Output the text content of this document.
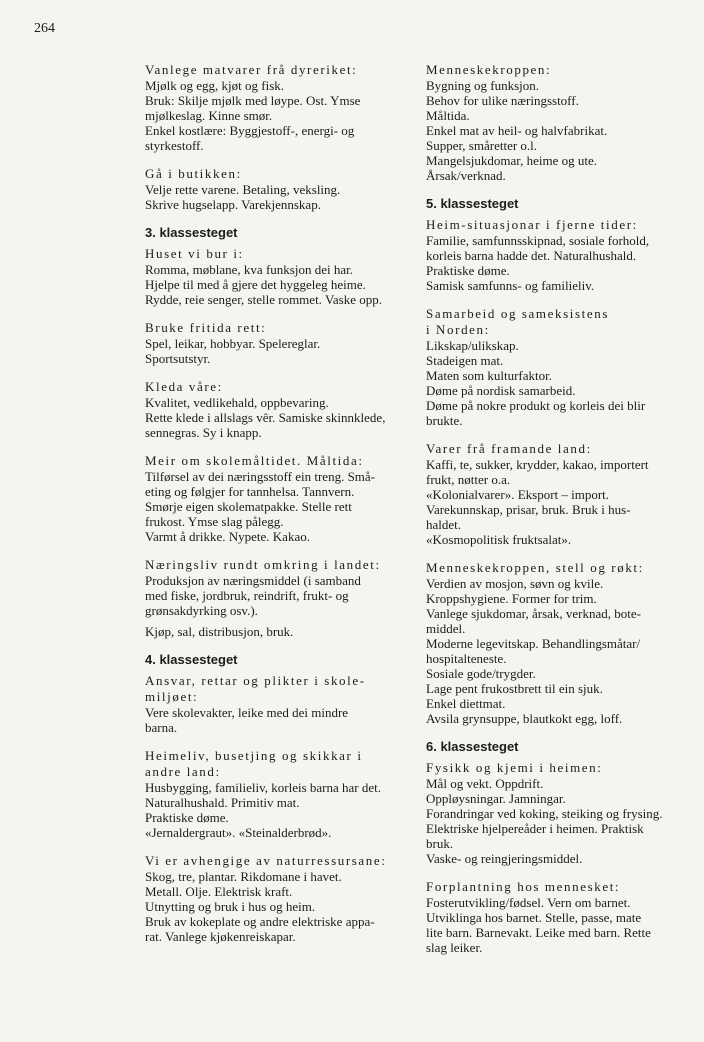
264

Vanlege matvarer frå dyreriket:

Mjølk og egg, kjøt og fisk.

Bruk: Skilje mjølk med løype. Ost. Ymse

mjølkeslag. Kinne smør.

Enkel kostlære: Byggjestoff-, energi- og

styrkestoff.

Gå i butikken:

Velje rette varene. Betaling, veksling.

Skrive hugselapp. Varekjennskap.

3. klassesteget

Huset vi bur i:

Romma, møblane, kva funksjon dei har.

Hjelpe til med å gjere det hyggeleg heime.

Rydde, reie senger, stelle rommet. Vaske opp.

Bruke fritida rett:

Spel, leikar, hobbyar. Spelereglar.

Sportsutstyr.

Kleda våre:

Kvalitet, vedlikehald, oppbevaring.

Rette klede i allslags vêr. Samiske skinnklede,

sennegras. Sy i knapp.

Meir om skolemåltidet. Måltida:

Tilførsel av dei næringsstoff ein treng. Små-

eting og følgjer for tannhelsa. Tannvern.

Smørje eigen skolematpakke. Stelle rett

frukost. Ymse slag pålegg.

Varmt å drikke. Nypete. Kakao.

Næringsliv rundt omkring i landet:

Produksjon av næringsmiddel (i samband

med fiske, jordbruk, reindrift, frukt- og

grønsakdyrking osv.).

Kjøp, sal, distribusjon, bruk.

4. klassesteget

Ansvar, rettar og plikter i skole-

miljøet:

Vere skolevakter, leike med dei mindre

barna.

Heimeliv, busetjing og skikkar i

andre land:

Husbygging, familieliv, korleis barna har det.

Naturalhushald. Primitiv mat.

Praktiske døme.

«Jernaldergraut». «Steinalderbrød».

Vi er avhengige av naturressursane:

Skog, tre, plantar. Rikdomane i havet.

Metall. Olje. Elektrisk kraft.

Utnytting og bruk i hus og heim.

Bruk av kokeplate og andre elektriske appa-

rat. Vanlege kjøkenreiskapar.

Menneskekroppen:

Bygning og funksjon.

Behov for ulike næringsstoff.

Måltida.

Enkel mat av heil- og halvfabrikat.

Supper, småretter o.l.

Mangelsjukdomar, heime og ute.

Årsak/verknad.

5. klassesteget

Heim-situasjonar i fjerne tider:

Familie, samfunnsskipnad, sosiale forhold,

korleis barna hadde det. Naturalhushald.

Praktiske døme.

Samisk samfunns- og familieliv.

Samarbeid og sameksistens

i Norden:

Likskap/ulikskap.

Stadeigen mat.

Maten som kulturfaktor.

Døme på nordisk samarbeid.

Døme på nokre produkt og korleis dei blir

brukte.

Varer frå framande land:

Kaffi, te, sukker, krydder, kakao, importert

frukt, nøtter o.a.

«Kolonialvarer». Eksport – import.

Varekunnskap, prisar, bruk. Bruk i hus-

haldet.

«Kosmopolitisk fruktsalat».

Menneskekroppen, stell og røkt:

Verdien av mosjon, søvn og kvile.

Kroppshygiene. Former for trim.

Vanlege sjukdomar, årsak, verknad, bote-

middel.

Moderne legevitskap. Behandlingsmåtar/

hospitalteneste.

Sosiale gode/trygder.

Lage pent frukostbrett til ein sjuk.

Enkel diettmat.

Avsila grynsuppe, blautkokt egg, loff.

6. klassesteget

Fysikk og kjemi i heimen:

Mål og vekt. Oppdrift.

Oppløysningar. Jamningar.

Forandringar ved koking, steiking og frysing.

Elektriske hjelpereåder i heimen. Praktisk

bruk.

Vaske- og reingjeringsmiddel.

Forplantning hos mennesket:

Fosterutvikling/fødsel. Vern om barnet.

Utviklinga hos barnet. Stelle, passe, mate

lite barn. Barnevakt. Leike med barn. Rette

slag leiker.
